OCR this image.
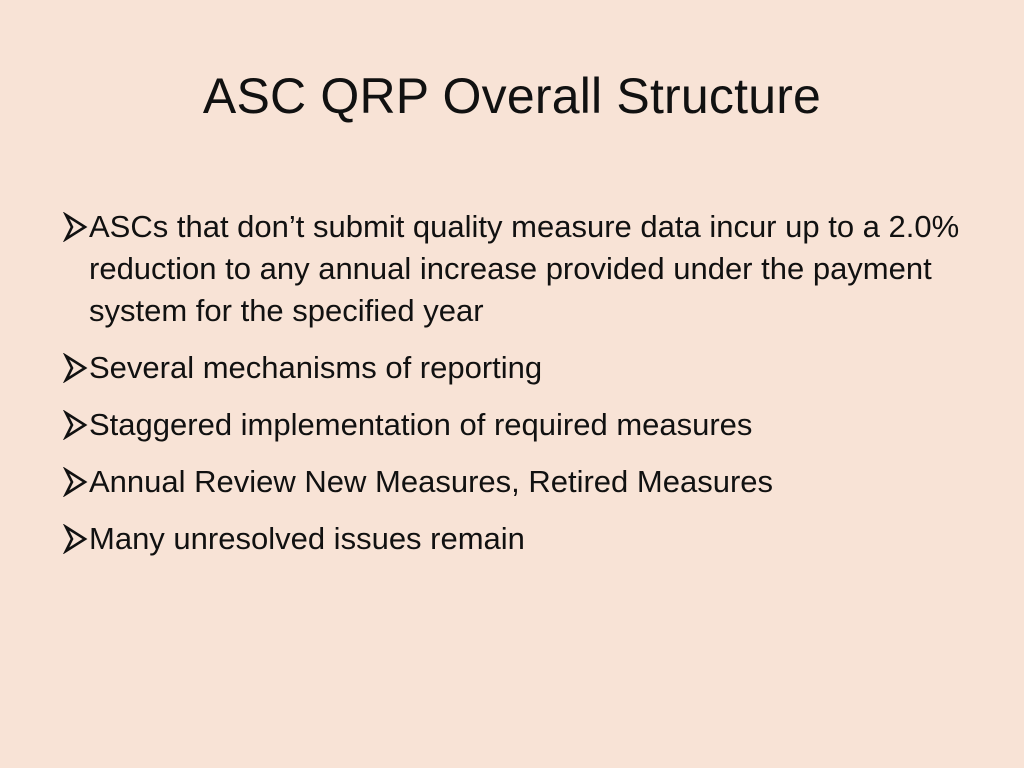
ASC QRP Overall Structure
ASCs that don’t submit quality measure data incur up to a 2.0% reduction to any annual increase provided under the payment system for the specified year
Several mechanisms of reporting
Staggered implementation of required measures
Annual Review New Measures, Retired Measures
Many unresolved issues remain
